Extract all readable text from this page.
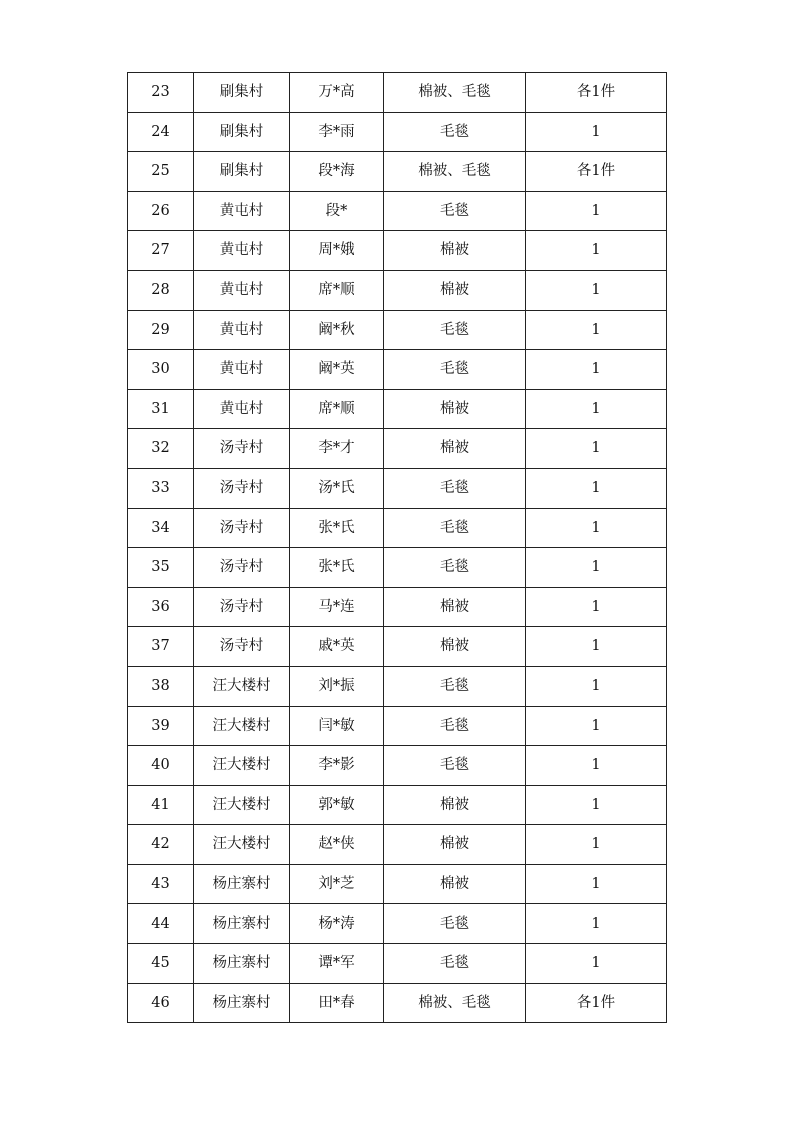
23	刷集村	万*高	棉被、毛毯	各1件
24	刷集村	李*雨	毛毯	1
25	刷集村	段*海	棉被、毛毯	各1件
26	黄屯村	段*	毛毯	1
27	黄屯村	周*娥	棉被	1
28	黄屯村	席*顺	棉被	1
29	黄屯村	阚*秋	毛毯	1
30	黄屯村	阚*英	毛毯	1
31	黄屯村	席*顺	棉被	1
32	汤寺村	李*才	棉被	1
33	汤寺村	汤*氏	毛毯	1
34	汤寺村	张*氏	毛毯	1
35	汤寺村	张*氏	毛毯	1
36	汤寺村	马*连	棉被	1
37	汤寺村	戚*英	棉被	1
38	汪大楼村	刘*振	毛毯	1
39	汪大楼村	闫*敏	毛毯	1
40	汪大楼村	李*影	毛毯	1
41	汪大楼村	郭*敏	棉被	1
42	汪大楼村	赵*侠	棉被	1
43	杨庄寨村	刘*芝	棉被	1
44	杨庄寨村	杨*涛	毛毯	1
45	杨庄寨村	谭*军	毛毯	1
46	杨庄寨村	田*春	棉被、毛毯	各1件
